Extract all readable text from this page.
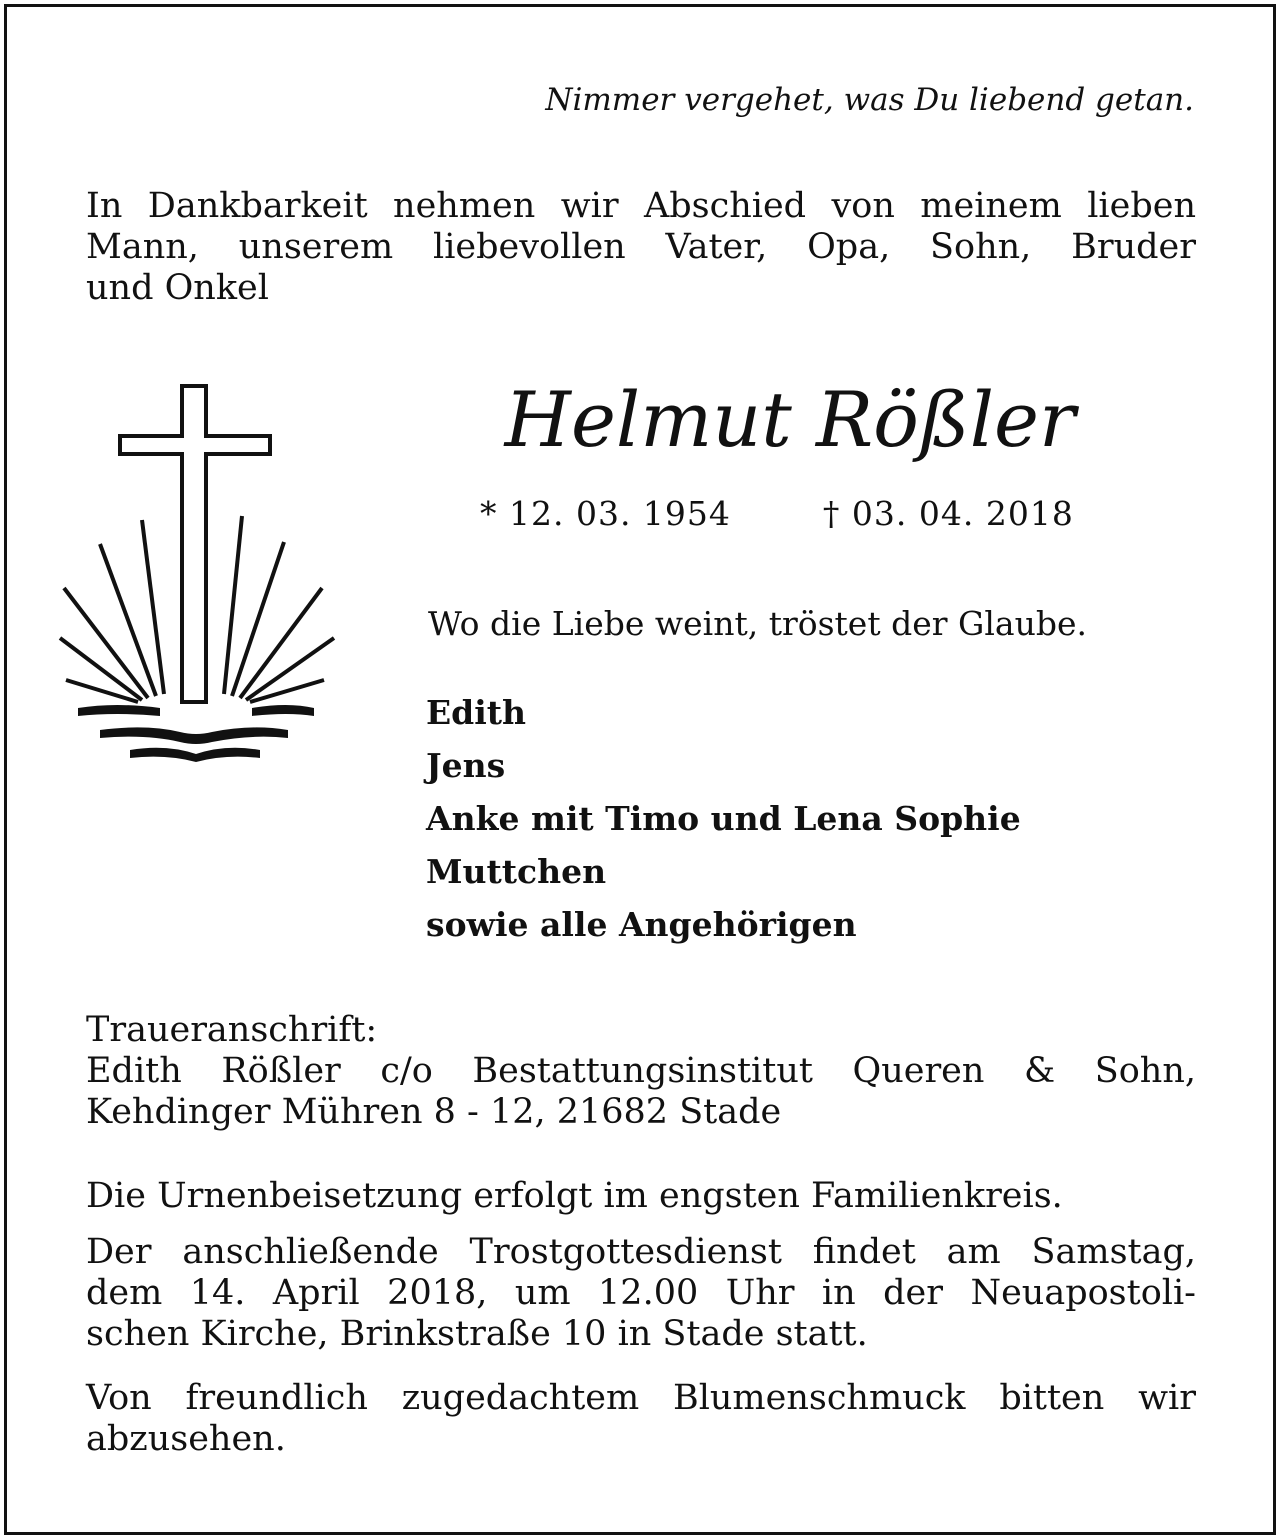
Nimmer vergehet, was Du liebend getan.

In Dankbarkeit nehmen wir Abschied von meinem lieben
Mann, unserem liebevollen Vater, Opa, Sohn, Bruder
und Onkel

Helmut Rößler

* 12. 03. 1954	† 03. 04. 2018

Wo die Liebe weint, tröstet der Glaube.

Edith
Jens
Anke mit Timo und Lena Sophie
Muttchen
sowie alle Angehörigen
Traueranschrift:
Edith Rößler c/o Bestattungsinstitut Queren & Sohn,
Kehdinger Mühren 8 - 12, 21682 Stade
Die Urnenbeisetzung erfolgt im engsten Familienkreis.
Der anschließende Trostgottesdienst findet am Samstag,
dem 14. April 2018, um 12.00 Uhr in der Neuapostoli-
schen Kirche, Brinkstraße 10 in Stade statt.
Von freundlich zugedachtem Blumenschmuck bitten wir
abzusehen.
